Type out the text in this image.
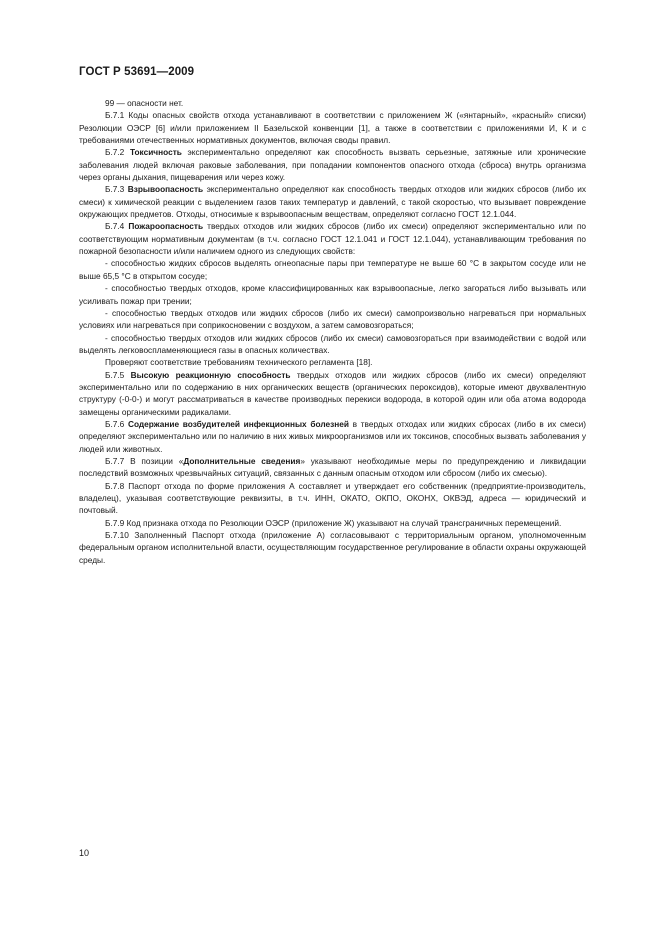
ГОСТ Р 53691—2009

99 — опасности нет.

Б.7.1 Коды опасных свойств отхода устанавливают в соответствии с приложением Ж («янтарный», «красный» списки) Резолюции ОЭСР [6] и/или приложением II Базельской конвенции [1], а также в соответствии с приложениями И, К и с требованиями отечественных нормативных документов, включая своды правил.

Б.7.2 Токсичность экспериментально определяют как способность вызвать серьезные, затяжные или хронические заболевания людей включая раковые заболевания, при попадании компонентов опасного отхода (сброса) внутрь организма через органы дыхания, пищеварения или через кожу.

Б.7.3 Взрывоопасность экспериментально определяют как способность твердых отходов или жидких сбросов (либо их смеси) к химической реакции с выделением газов таких температур и давлений, с такой скоростью, что вызывает повреждение окружающих предметов. Отходы, относимые к взрывоопасным веществам, определяют согласно ГОСТ 12.1.044.

Б.7.4 Пожароопасность твердых отходов или жидких сбросов (либо их смеси) определяют экспериментально или по соответствующим нормативным документам (в т.ч. согласно ГОСТ 12.1.041 и ГОСТ 12.1.044), устанавливающим требования по пожарной безопасности и/или наличием одного из следующих свойств:

- способностью жидких сбросов выделять огнеопасные пары при температуре не выше 60 °С в закрытом сосуде или не выше 65,5 °С в открытом сосуде;

- способностью твердых отходов, кроме классифицированных как взрывоопасные, легко загораться либо вызывать или усиливать пожар при трении;

- способностью твердых отходов или жидких сбросов (либо их смеси) самопроизвольно нагреваться при нормальных условиях или нагреваться при соприкосновении с воздухом, а затем самовозгораться;

- способностью твердых отходов или жидких сбросов (либо их смеси) самовозгораться при взаимодействии с водой или выделять легковоспламеняющиеся газы в опасных количествах.

Проверяют соответствие требованиям технического регламента [18].

Б.7.5 Высокую реакционную способность твердых отходов или жидких сбросов (либо их смеси) определяют экспериментально или по содержанию в них органических веществ (органических пероксидов), которые имеют двухвалентную структуру (-0-0-) и могут рассматриваться в качестве производных перекиси водорода, в которой один или оба атома водорода замещены органическими радикалами.

Б.7.6 Содержание возбудителей инфекционных болезней в твердых отходах или жидких сбросах (либо в их смеси) определяют экспериментально или по наличию в них живых микроорганизмов или их токсинов, способных вызвать заболевания у людей или животных.

Б.7.7 В позиции «Дополнительные сведения» указывают необходимые меры по предупреждению и ликвидации последствий возможных чрезвычайных ситуаций, связанных с данным опасным отходом или сбросом (либо их смесью).

Б.7.8 Паспорт отхода по форме приложения А составляет и утверждает его собственник (предприятие-производитель, владелец), указывая соответствующие реквизиты, в т.ч. ИНН, ОКАТО, ОКПО, ОКОНХ, ОКВЭД, адреса — юридический и почтовый.

Б.7.9 Код признака отхода по Резолюции ОЭСР (приложение Ж) указывают на случай трансграничных перемещений.

Б.7.10 Заполненный Паспорт отхода (приложение А) согласовывают с территориальным органом, уполномоченным федеральным органом исполнительной власти, осуществляющим государственное регулирование в области охраны окружающей среды.

10
